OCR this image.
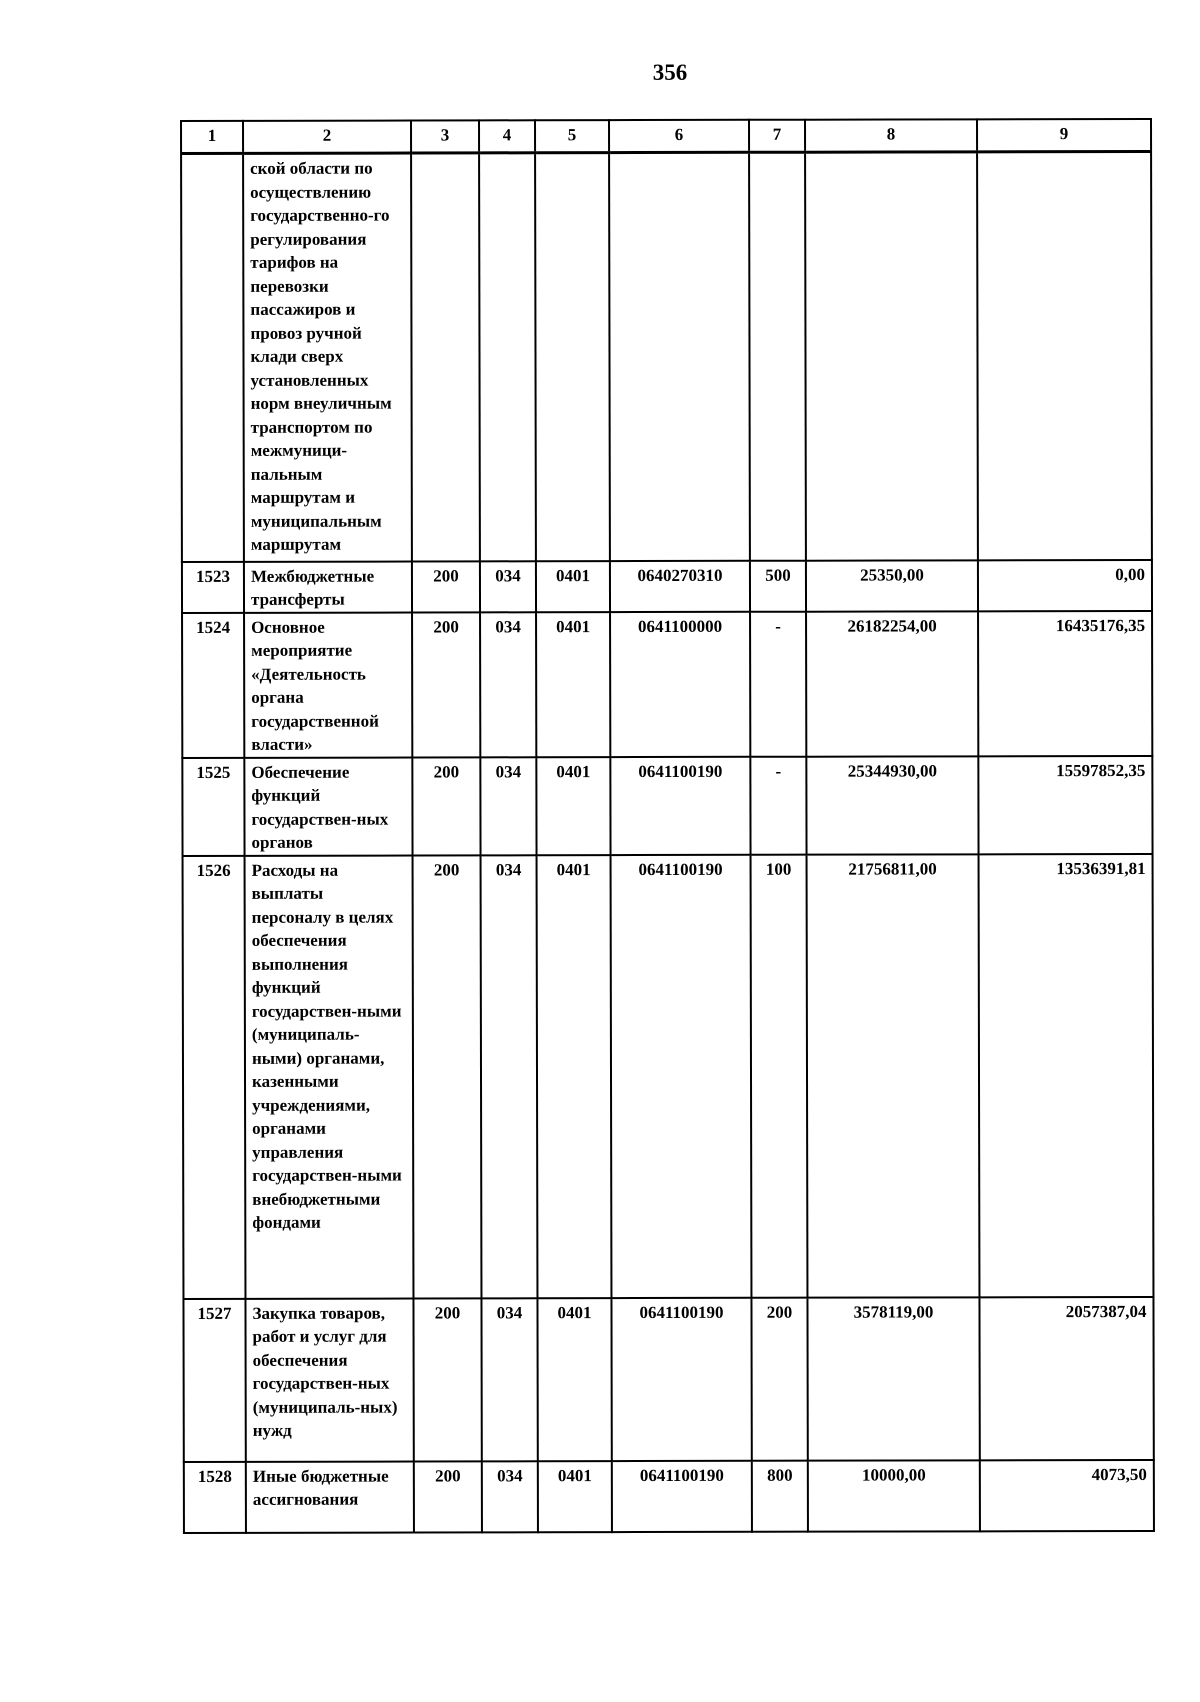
356
1	2	3	4	5	6	7	8	9
	ской области по осуществлению государственно-го регулирования тарифов на перевозки пассажиров и провоз ручной клади сверх установленных норм внеуличным транспортом по межмуници-пальным маршрутам и муниципальным маршрутам							
1523	Межбюджетные трансферты	200	034	0401	0640270310	500	25350,00	0,00
1524	Основное мероприятие «Деятельность органа государственной власти»	200	034	0401	0641100000	-	26182254,00	16435176,35
1525	Обеспечение функций государствен-ных органов	200	034	0401	0641100190	-	25344930,00	15597852,35
1526	Расходы на выплаты персоналу в целях обеспечения выполнения функций государствен-ными (муниципаль-ными) органами, казенными учреждениями, органами управления государствен-ными внебюджетными фондами	200	034	0401	0641100190	100	21756811,00	13536391,81
1527	Закупка товаров, работ и услуг для обеспечения государствен-ных (муниципаль-ных) нужд	200	034	0401	0641100190	200	3578119,00	2057387,04
1528	Иные бюджетные ассигнования	200	034	0401	0641100190	800	10000,00	4073,50
